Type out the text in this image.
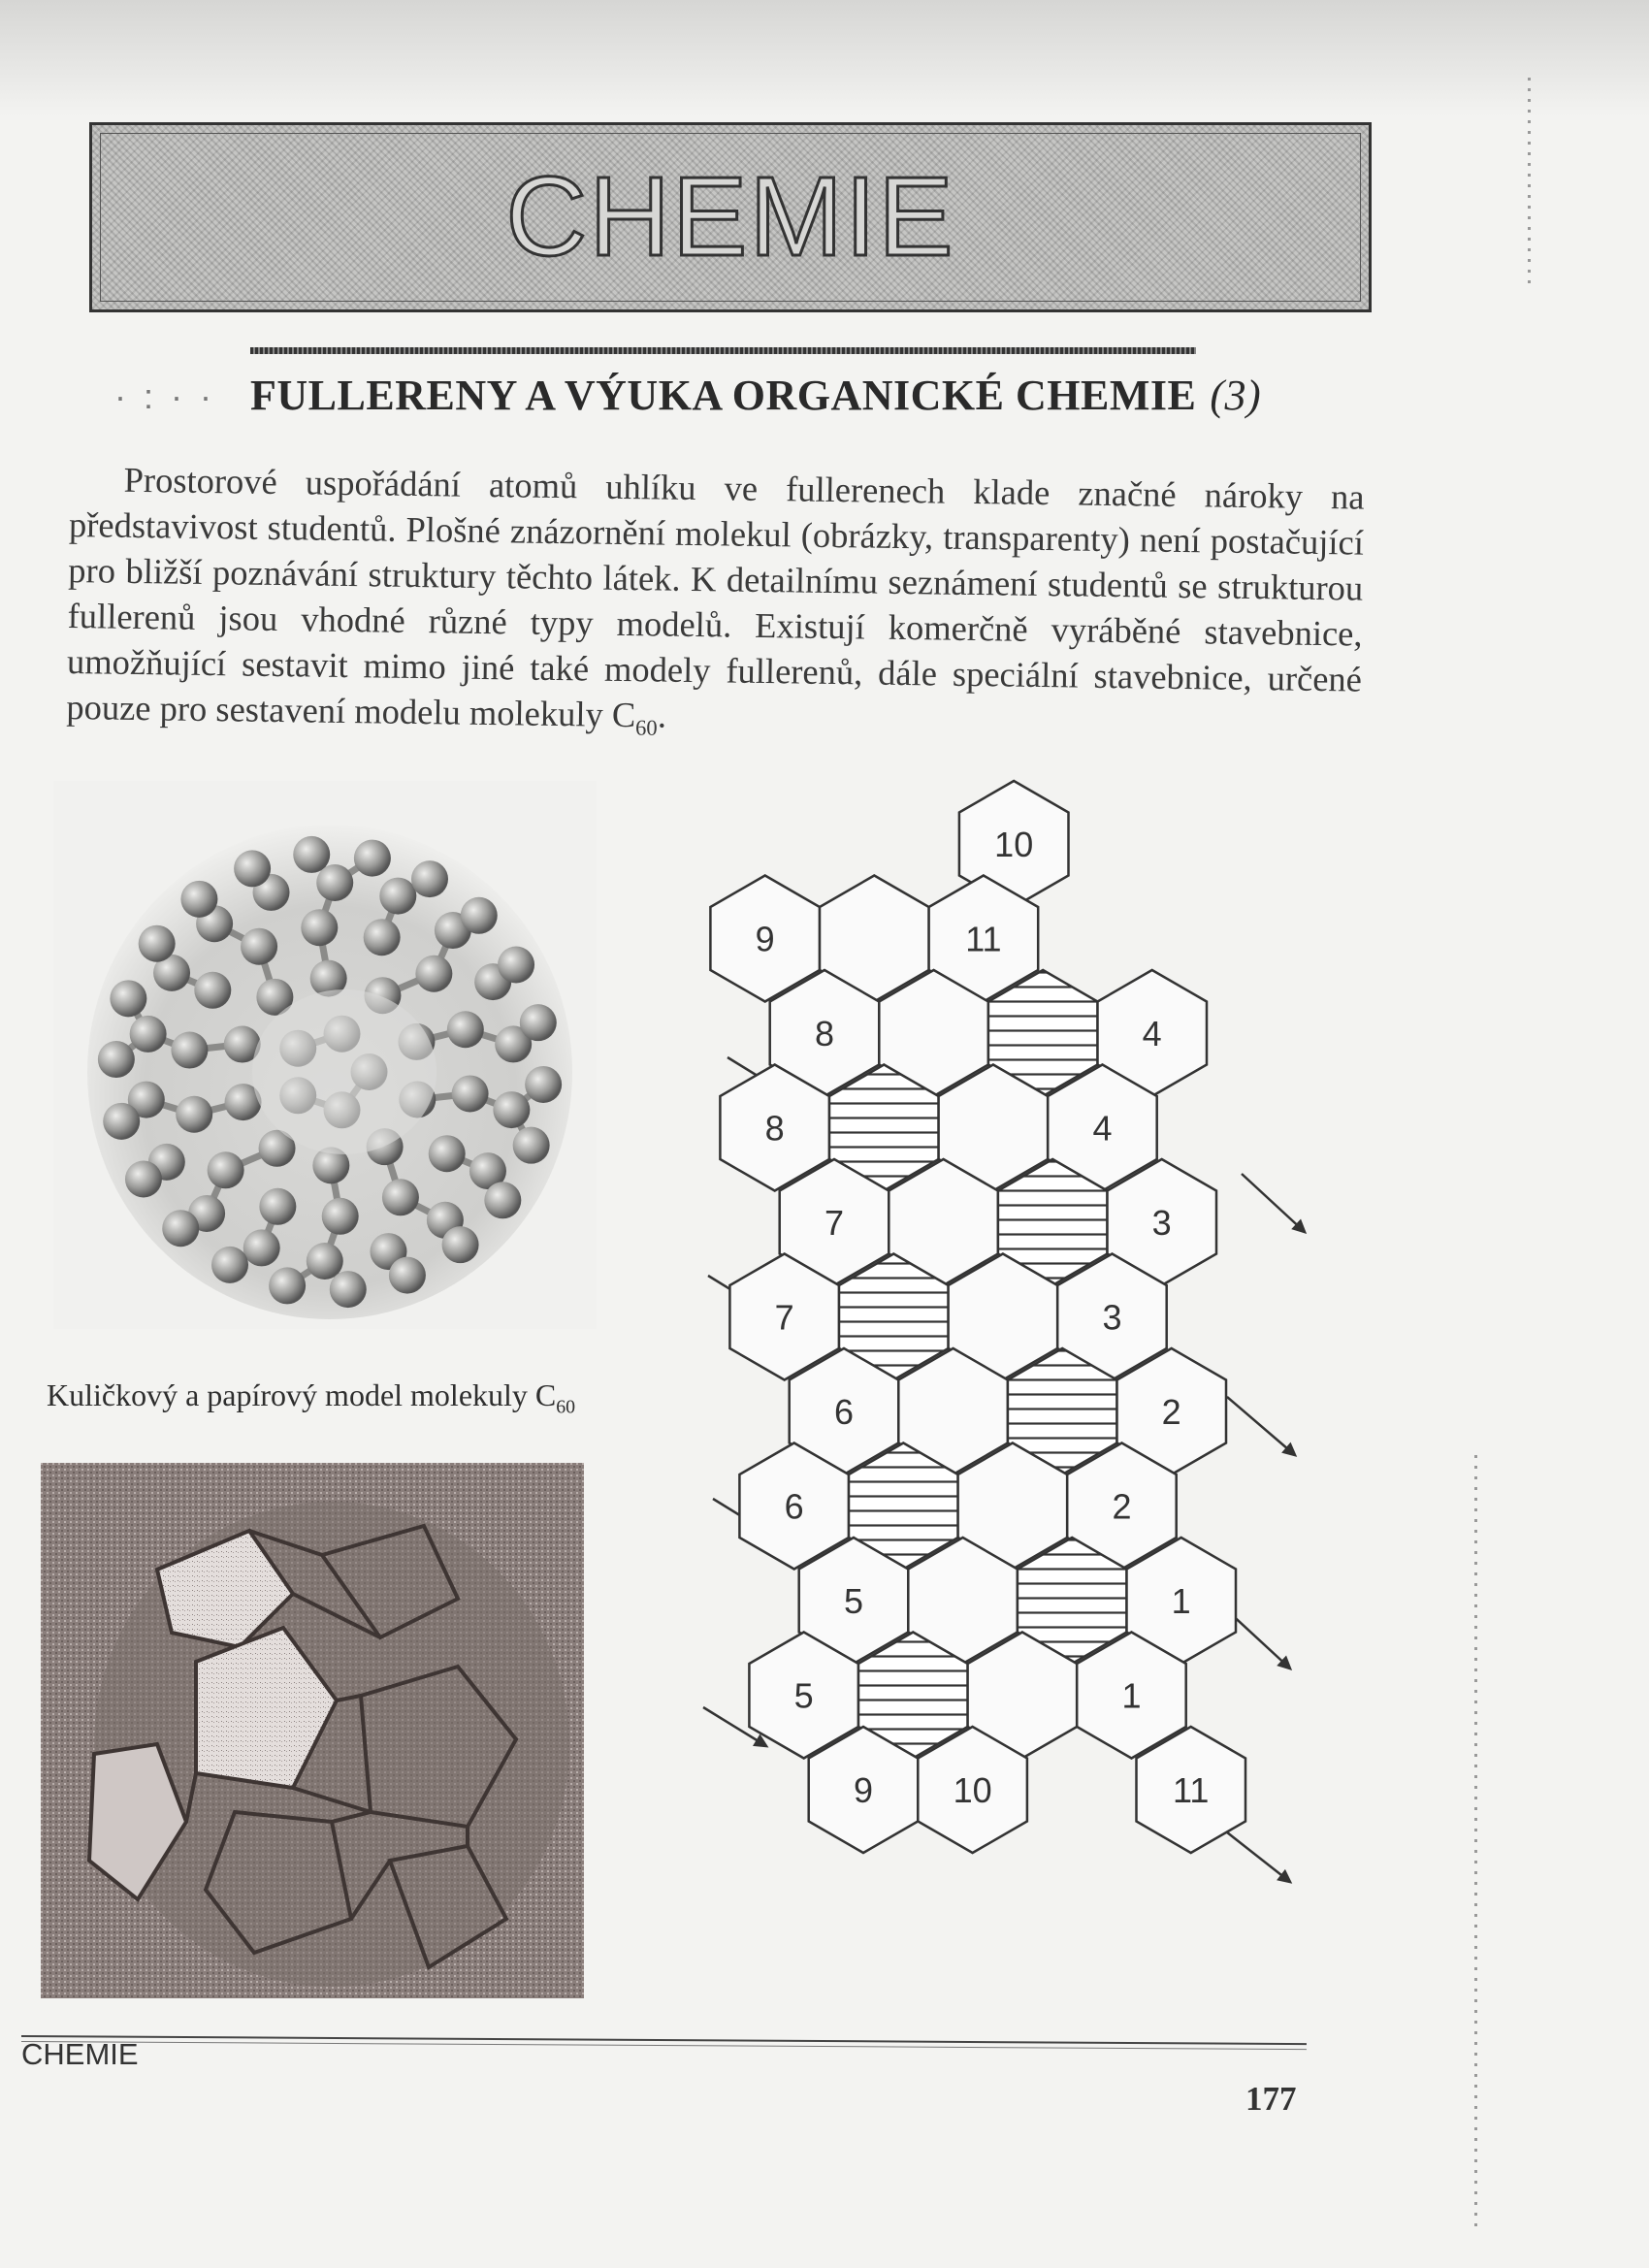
CHEMIE
· : · · FULLERENY A VÝUKA ORGANICKÉ CHEMIE (3)

Prostorové uspořádání atomů uhlíku ve fullerenech klade značné nároky na představivost studentů. Plošné znázornění molekul (obrázky, transparenty) není postačující pro bližší poznávání struktury těchto látek. K detailnímu seznámení studentů se strukturou fullerenů jsou vhodné různé typy modelů. Existují komerčně vyráběné stavebnice, umožňující sestavit mimo jiné také modely fullerenů, dále speciální stavebnice, určené pouze pro sestavení modelu molekuly $C_{60}$.

Kuličkový a papírový model molekuly $C_{60}$
10
9	11
8	4
8	4
7	3
7	3
6	2
6	2
5	1
5	1
9 10	11
CHEMIE
177
